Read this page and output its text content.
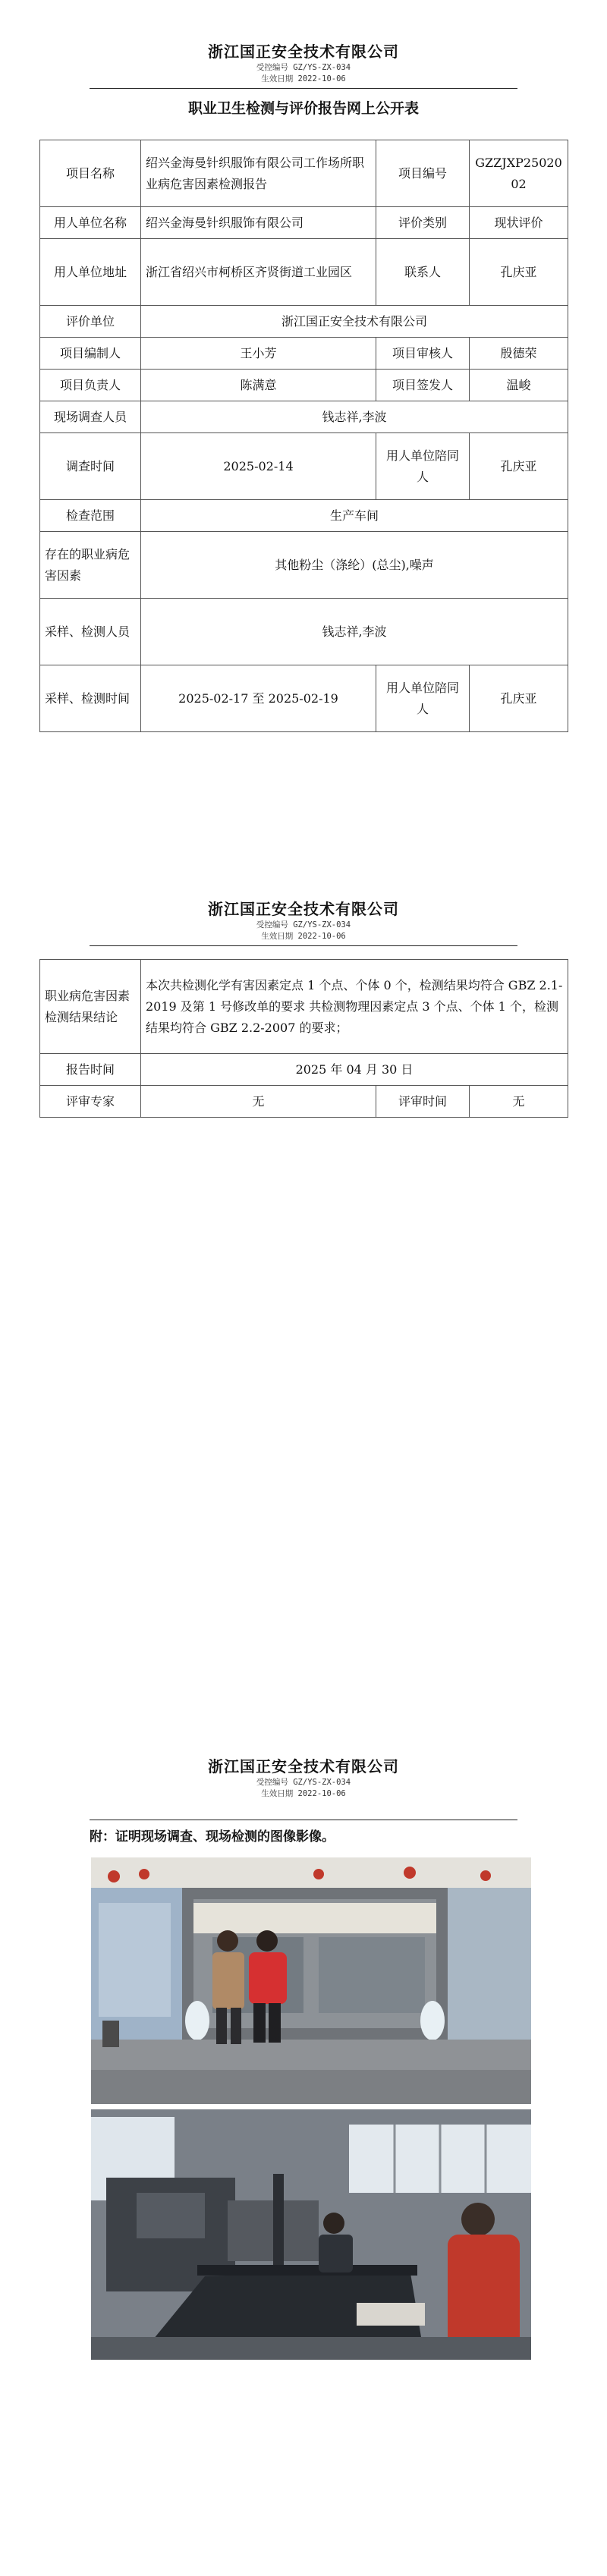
浙江国正安全技术有限公司
受控编号 GZ/YS-ZX-034
生效日期 2022-10-06
职业卫生检测与评价报告网上公开表
项目名称	绍兴金海曼针织服饰有限公司工作场所职业病危害因素检测报告	项目编号	GZZJXP2502002
用人单位名称	绍兴金海曼针织服饰有限公司	评价类别	现状评价
用人单位地址	浙江省绍兴市柯桥区齐贤街道工业园区	联系人	孔庆亚
评价单位	浙江国正安全技术有限公司		
项目编制人	王小芳	项目审核人	殷德荣
项目负责人	陈满意	项目签发人	温峻
现场调查人员	钱志祥,李波		
调查时间	2025-02-14	用人单位陪同人	孔庆亚
检查范围	生产车间		
存在的职业病危害因素	其他粉尘（涤纶）(总尘),噪声		
采样、检测人员	钱志祥,李波		
采样、检测时间	2025-02-17 至 2025-02-19	用人单位陪同人	孔庆亚
浙江国正安全技术有限公司
受控编号 GZ/YS-ZX-034
生效日期 2022-10-06
职业病危害因素检测结果结论	本次共检测化学有害因素定点 1 个点、个体 0 个，检测结果均符合 GBZ 2.1-2019 及第 1 号修改单的要求 共检测物理因素定点 3 个点、个体 1 个，检测结果均符合 GBZ 2.2-2007 的要求；		
报告时间	2025 年 04 月 30 日		
评审专家	无	评审时间	无
浙江国正安全技术有限公司
受控编号 GZ/YS-ZX-034
生效日期 2022-10-06
附：证明现场调查、现场检测的图像影像。
